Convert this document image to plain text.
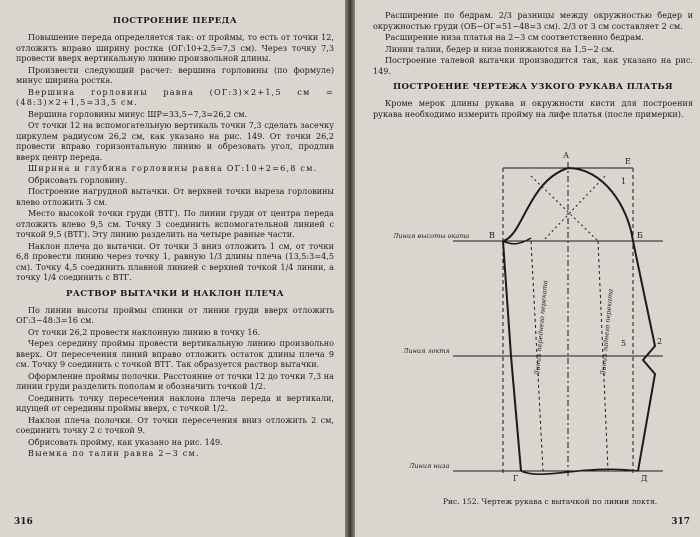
ПОСТРОЕНИЕ ПЕРЕДА

Повышение переда определяется так: от проймы, то есть от точки 12, отложить вправо ширину ростка (ОГ:10+2,5=7,3 см). Через точку 7,3 провести вверх вертикальную линию произвольной длины.

Произвести следующий расчет: вершина горловины (по формуле) минус ширина ростка.

Вершина горловины равна (ОГ:3)×2+1,5 см = (48:3)×2+1,5=33,5 см.

Вершина горловины минус ШР=33,5−7,3=26,2 см.

От точки 12 на вспомогательную вертикаль точки 7,3 сделать засечку циркулем радиусом 26,2 см, как указано на рис. 149. От точки 26,2 провести вправо горизонтальную линию и обрезовать угол, продлив вверх центр переда.

Ширина и глубина горловины равна ОГ:10+2=6,8 см.

Обрисовать горловину.

Построение нагрудной вытачки. От верхней точки выреза горловины влево отложить 3 см.

Место высокой точки груди (ВТГ). По линии груди от центра переда отложить влево 9,5 см. Точку 3 соединить вспомогательной линией с точкой 9,5 (ВТГ). Эту линию разделить на четыре равные части.

Наклон плеча до вытачки. От точки 3 вниз отложить 1 см, от точки 6,8 провести линию через точку 1, равную 1/3 длины плеча (13,5:3=4,5 см). Точку 4,5 соединить плавной линией с верхней точкой 1/4 линии, а точку 1/4 соединить с ВТГ.

РАСТВОР ВЫТАЧКИ И НАКЛОН ПЛЕЧА

По линии высоты проймы спинки от линии груди вверх отложить ОГ:3−48:3=16 см.

От точки 26,2 провести наклонную линию в точку 16.

Через середину проймы провести вертикальную линию произвольно вверх. От пересечения линий вправо отложить остаток длины плеча 9 см. Точку 9 соединить с точкой ВТГ. Так образуется раствор вытачки.

Оформление проймы полочки. Расстояние от точки 12 до точки 7,3 на линии груди разделить пополам и обозначить точкой 1/2.

Соединить точку пересечения наклона плеча переда и вертикали, идущей от середины проймы вверх, с точкой 1/2.

Наклон плеча полочки. От точки пересечения вниз отложить 2 см, соединить точку 2 с точкой 9.

Обрисовать пройму, как указано на рис. 149.

Выемка по талии равна 2−3 см.

316

Расширение по бедрам. 2/3 разницы между окружностью бедер и окружностью груди (ОБ−ОГ=51−48=3 см). 2/3 от 3 см составляет 2 см.

Расширение низа платья на 2−3 см соответственно бедрам.

Линии талии, бедер и низа понижаются на 1,5−2 см.

Построение талевой вытачки производится так, как указано на рис. 149.

ПОСТРОЕНИЕ ЧЕРТЕЖА УЗКОГО РУКАВА ПЛАТЬЯ

Кроме мерок длины рукава и окружности кисти для построения рукава необходимо измерить пройму на лифе платья (после примерки).

А
В	Б
Г	Д
Е
1
2
5
Линия высоты оката
Линия локтя
Линия низа
Линия переднего переката	Линия заднего переката
Рис. 152. Чертеж рукава с вытачкой по линии локтя.
317
